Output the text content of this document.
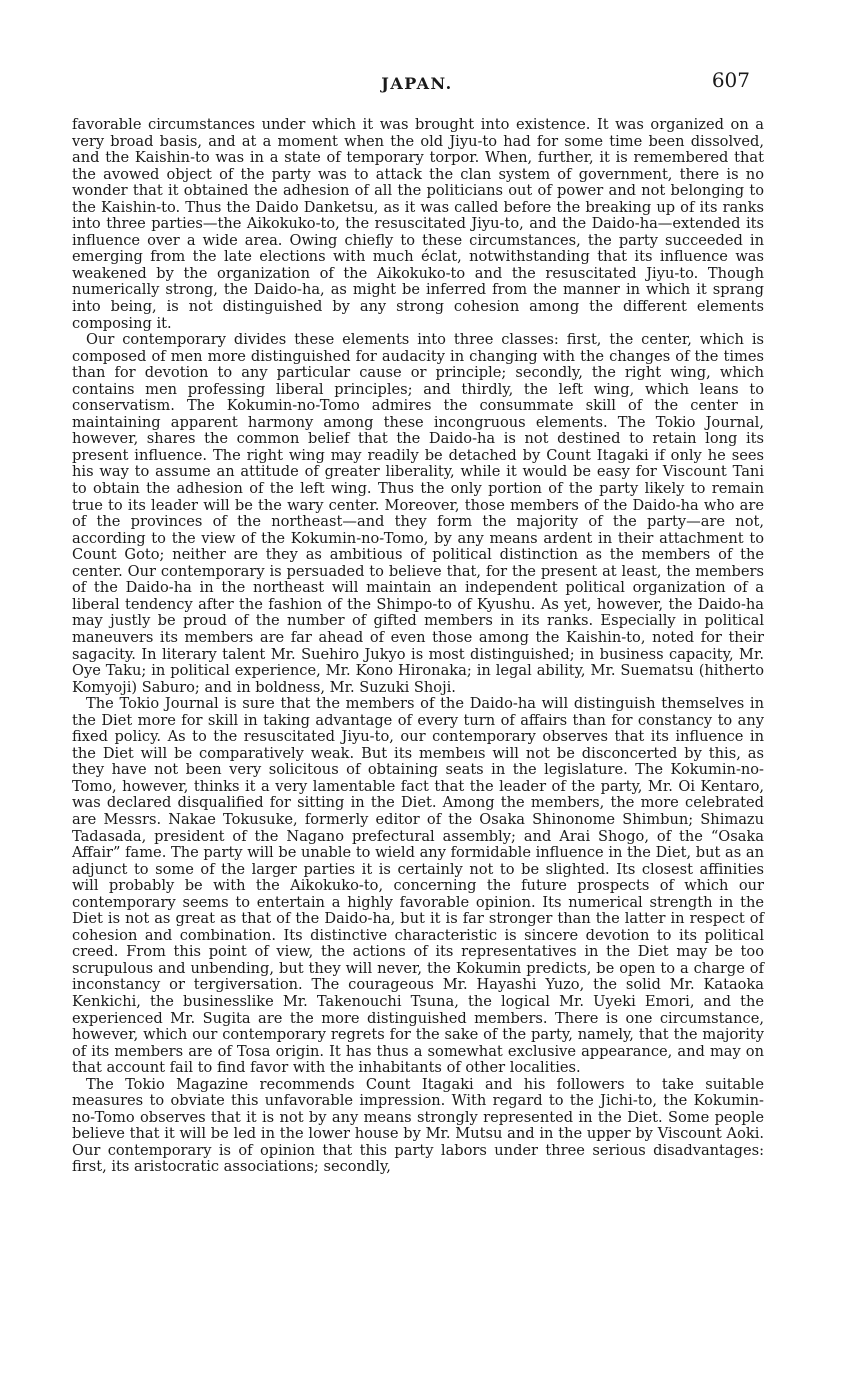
JAPAN.	607

favorable circumstances under which it was brought into existence. It was organized on a very broad basis, and at a moment when the old Jiyu-to had for some time been dissolved, and the Kaishin-to was in a state of temporary torpor. When, further, it is remembered that the avowed object of the party was to attack the clan system of government, there is no wonder that it obtained the adhesion of all the politicians out of power and not belonging to the Kaishin-to. Thus the Daido Danketsu, as it was called before the breaking up of its ranks into three parties—the Aikokuko-to, the resuscitated Jiyu-to, and the Daido-ha—extended its influence over a wide area. Owing chiefly to these circumstances, the party succeeded in emerging from the late elections with much éclat, notwithstanding that its influence was weakened by the organization of the Aikokuko-to and the resuscitated Jiyu-to. Though numerically strong, the Daido-ha, as might be inferred from the manner in which it sprang into being, is not distinguished by any strong cohesion among the different elements composing it.

Our contemporary divides these elements into three classes: first, the center, which is composed of men more distinguished for audacity in changing with the changes of the times than for devotion to any particular cause or principle; secondly, the right wing, which contains men professing liberal principles; and thirdly, the left wing, which leans to conservatism. The Kokumin-no-Tomo admires the consummate skill of the center in maintaining apparent harmony among these incongruous elements. The Tokio Journal, however, shares the common belief that the Daido-ha is not destined to retain long its present influence. The right wing may readily be detached by Count Itagaki if only he sees his way to assume an attitude of greater liberality, while it would be easy for Viscount Tani to obtain the adhesion of the left wing. Thus the only portion of the party likely to remain true to its leader will be the wary center. Moreover, those members of the Daido-ha who are of the provinces of the northeast—and they form the majority of the party—are not, according to the view of the Kokumin-no-Tomo, by any means ardent in their attachment to Count Goto; neither are they as ambitious of political distinction as the members of the center. Our contemporary is persuaded to believe that, for the present at least, the members of the Daido-ha in the northeast will maintain an independent political organization of a liberal tendency after the fashion of the Shimpo-to of Kyushu. As yet, however, the Daido-ha may justly be proud of the number of gifted members in its ranks. Especially in political maneuvers its members are far ahead of even those among the Kaishin-to, noted for their sagacity. In literary talent Mr. Suehiro Jukyo is most distinguished; in business capacity, Mr. Oye Taku; in political experience, Mr. Kono Hironaka; in legal ability, Mr. Suematsu (hitherto Komyoji) Saburo; and in boldness, Mr. Suzuki Shoji.

The Tokio Journal is sure that the members of the Daido-ha will distinguish themselves in the Diet more for skill in taking advantage of every turn of affairs than for constancy to any fixed policy. As to the resuscitated Jiyu-to, our contemporary observes that its influence in the Diet will be comparatively weak. But its membeıs will not be disconcerted by this, as they have not been very solicitous of obtaining seats in the legislature. The Kokumin-no-Tomo, however, thinks it a very lamentable fact that the leader of the party, Mr. Oi Kentaro, was declared disqualified for sitting in the Diet. Among the members, the more celebrated are Messrs. Nakae Tokusuke, formerly editor of the Osaka Shinonome Shimbun; Shimazu Tadasada, president of the Nagano prefectural assembly; and Arai Shogo, of the “Osaka Affair” fame. The party will be unable to wield any formidable influence in the Diet, but as an adjunct to some of the larger parties it is certainly not to be slighted. Its closest affinities will probably be with the Aikokuko-to, concerning the future prospects of which our contemporary seems to entertain a highly favorable opinion. Its numerical strength in the Diet is not as great as that of the Daido-ha, but it is far stronger than the latter in respect of cohesion and combination. Its distinctive characteristic is sincere devotion to its political creed. From this point of view, the actions of its representatives in the Diet may be too scrupulous and unbending, but they will never, the Kokumin predicts, be open to a charge of inconstancy or tergiversation. The courageous Mr. Hayashi Yuzo, the solid Mr. Kataoka Kenkichi, the businesslike Mr. Takenouchi Tsuna, the logical Mr. Uyeki Emori, and the experienced Mr. Sugita are the more distinguished members. There is one circumstance, however, which our contemporary regrets for the sake of the party, namely, that the majority of its members are of Tosa origin. It has thus a somewhat exclusive appearance, and may on that account fail to find favor with the inhabitants of other localities.

The Tokio Magazine recommends Count Itagaki and his followers to take suitable measures to obviate this unfavorable impression. With regard to the Jichi-to, the Kokumin-no-Tomo observes that it is not by any means strongly represented in the Diet. Some people believe that it will be led in the lower house by Mr. Mutsu and in the upper by Viscount Aoki. Our contemporary is of opinion that this party labors under three serious disadvantages: first, its aristocratic associations; secondly,
